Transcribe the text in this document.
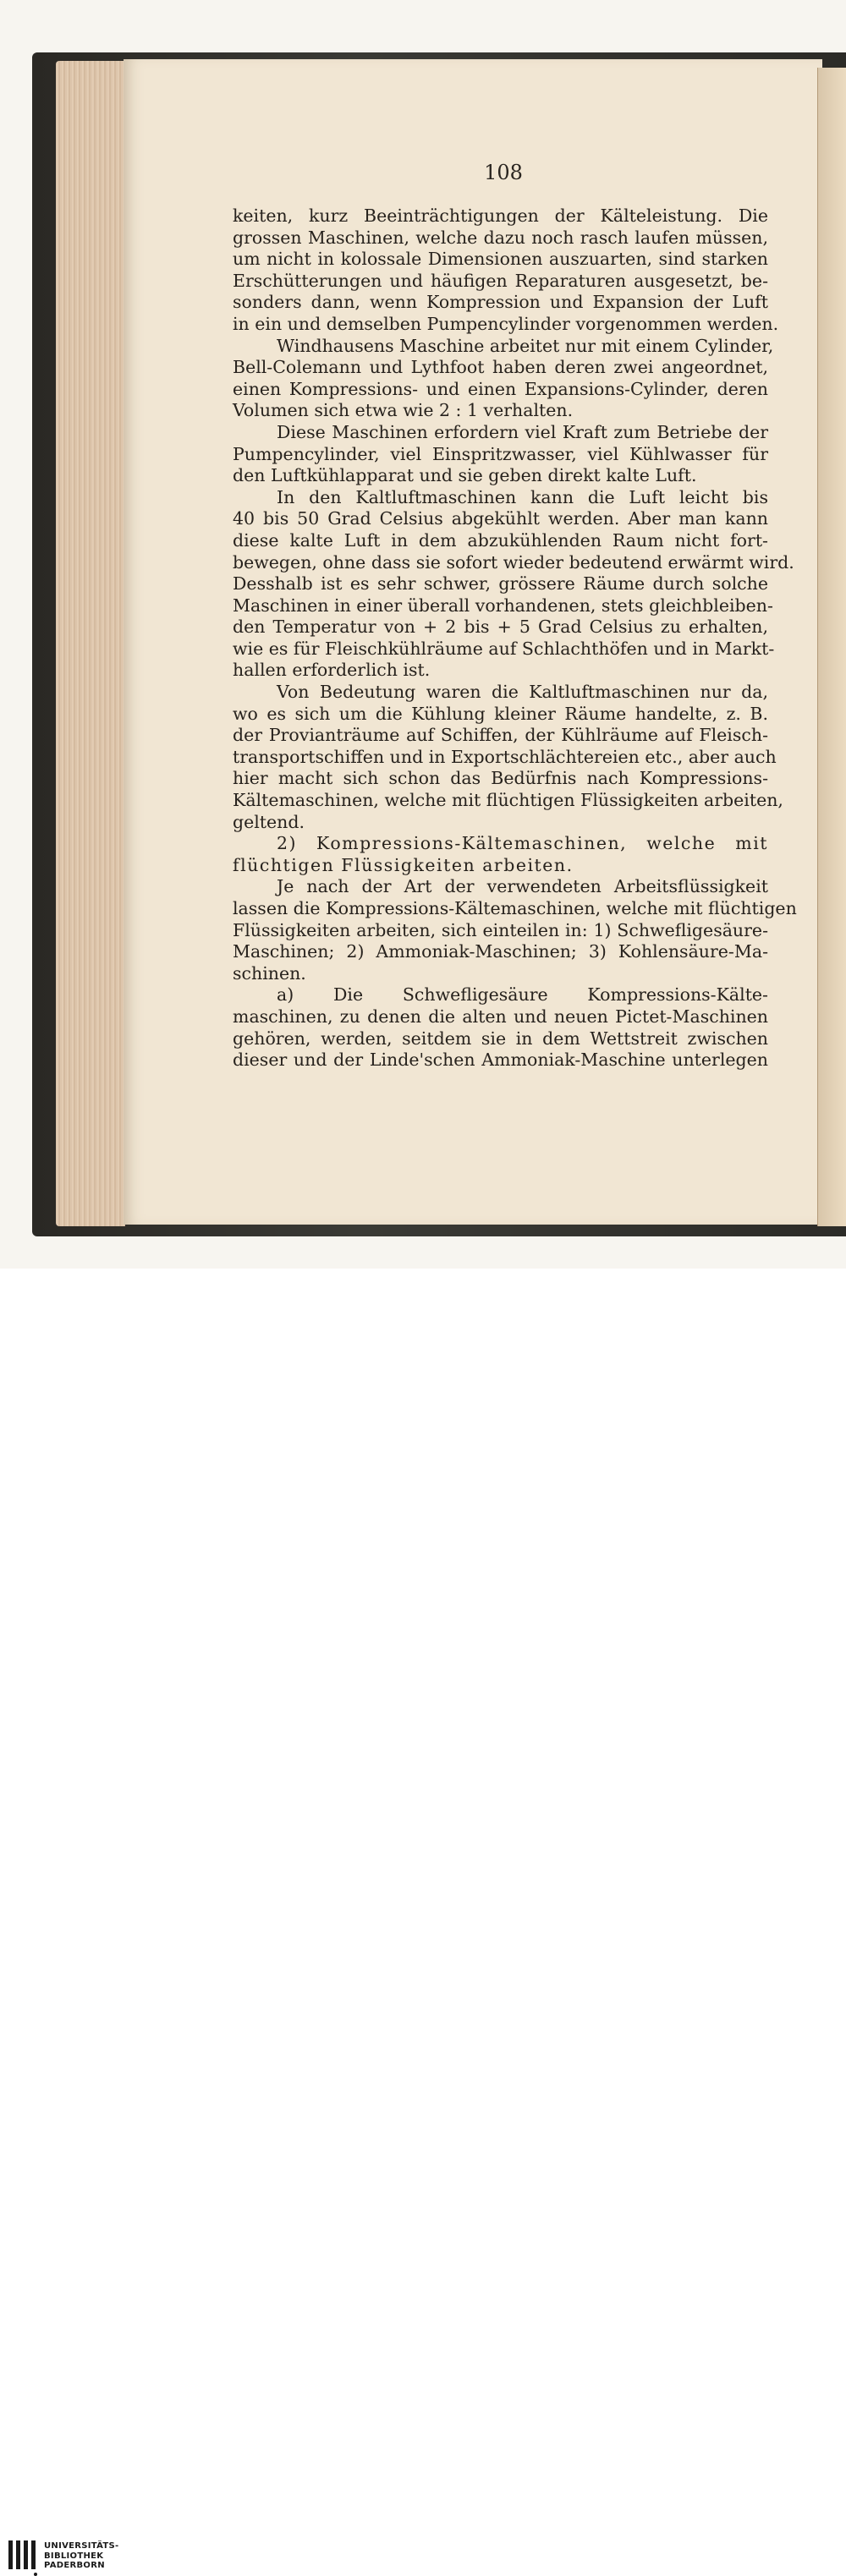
108
keiten, kurz Beeinträchtigungen der Kälteleistung. Die
grossen Maschinen, welche dazu noch rasch laufen müssen,
um nicht in kolossale Dimensionen auszuarten, sind starken
Erschütterungen und häufigen Reparaturen ausgesetzt, be-
sonders dann, wenn Kompression und Expansion der Luft
in ein und demselben Pumpencylinder vorgenommen werden.
Windhausens Maschine arbeitet nur mit einem Cylinder,
Bell-Colemann und Lythfoot haben deren zwei angeordnet,
einen Kompressions- und einen Expansions-Cylinder, deren
Volumen sich etwa wie 2 : 1 verhalten.
Diese Maschinen erfordern viel Kraft zum Betriebe der
Pumpencylinder, viel Einspritzwasser, viel Kühlwasser für
den Luftkühlapparat und sie geben direkt kalte Luft.
In den Kaltluftmaschinen kann die Luft leicht bis
40 bis 50 Grad Celsius abgekühlt werden. Aber man kann
diese kalte Luft in dem abzukühlenden Raum nicht fort-
bewegen, ohne dass sie sofort wieder bedeutend erwärmt wird.
Desshalb ist es sehr schwer, grössere Räume durch solche
Maschinen in einer überall vorhandenen, stets gleichbleiben-
den Temperatur von + 2 bis + 5 Grad Celsius zu erhalten,
wie es für Fleischkühlräume auf Schlachthöfen und in Markt-
hallen erforderlich ist.
Von Bedeutung waren die Kaltluftmaschinen nur da,
wo es sich um die Kühlung kleiner Räume handelte, z. B.
der Provianträume auf Schiffen, der Kühlräume auf Fleisch-
transportschiffen und in Exportschlächtereien etc., aber auch
hier macht sich schon das Bedürfnis nach Kompressions-
Kältemaschinen, welche mit flüchtigen Flüssigkeiten arbeiten,
geltend.
2) Kompressions-Kältemaschinen, welche mit
flüchtigen Flüssigkeiten arbeiten.
Je nach der Art der verwendeten Arbeitsflüssigkeit
lassen die Kompressions-Kältemaschinen, welche mit flüchtigen
Flüssigkeiten arbeiten, sich einteilen in: 1) Schwefligesäure-
Maschinen; 2) Ammoniak-Maschinen; 3) Kohlensäure-Ma-
schinen.
a) Die Schwefligesäure Kompressions-Kälte-
maschinen, zu denen die alten und neuen Pictet-Maschinen
gehören, werden, seitdem sie in dem Wettstreit zwischen
dieser und der Linde'schen Ammoniak-Maschine unterlegen
UNIVERSITÄTS-
BIBLIOTHEK
PADERBORN
